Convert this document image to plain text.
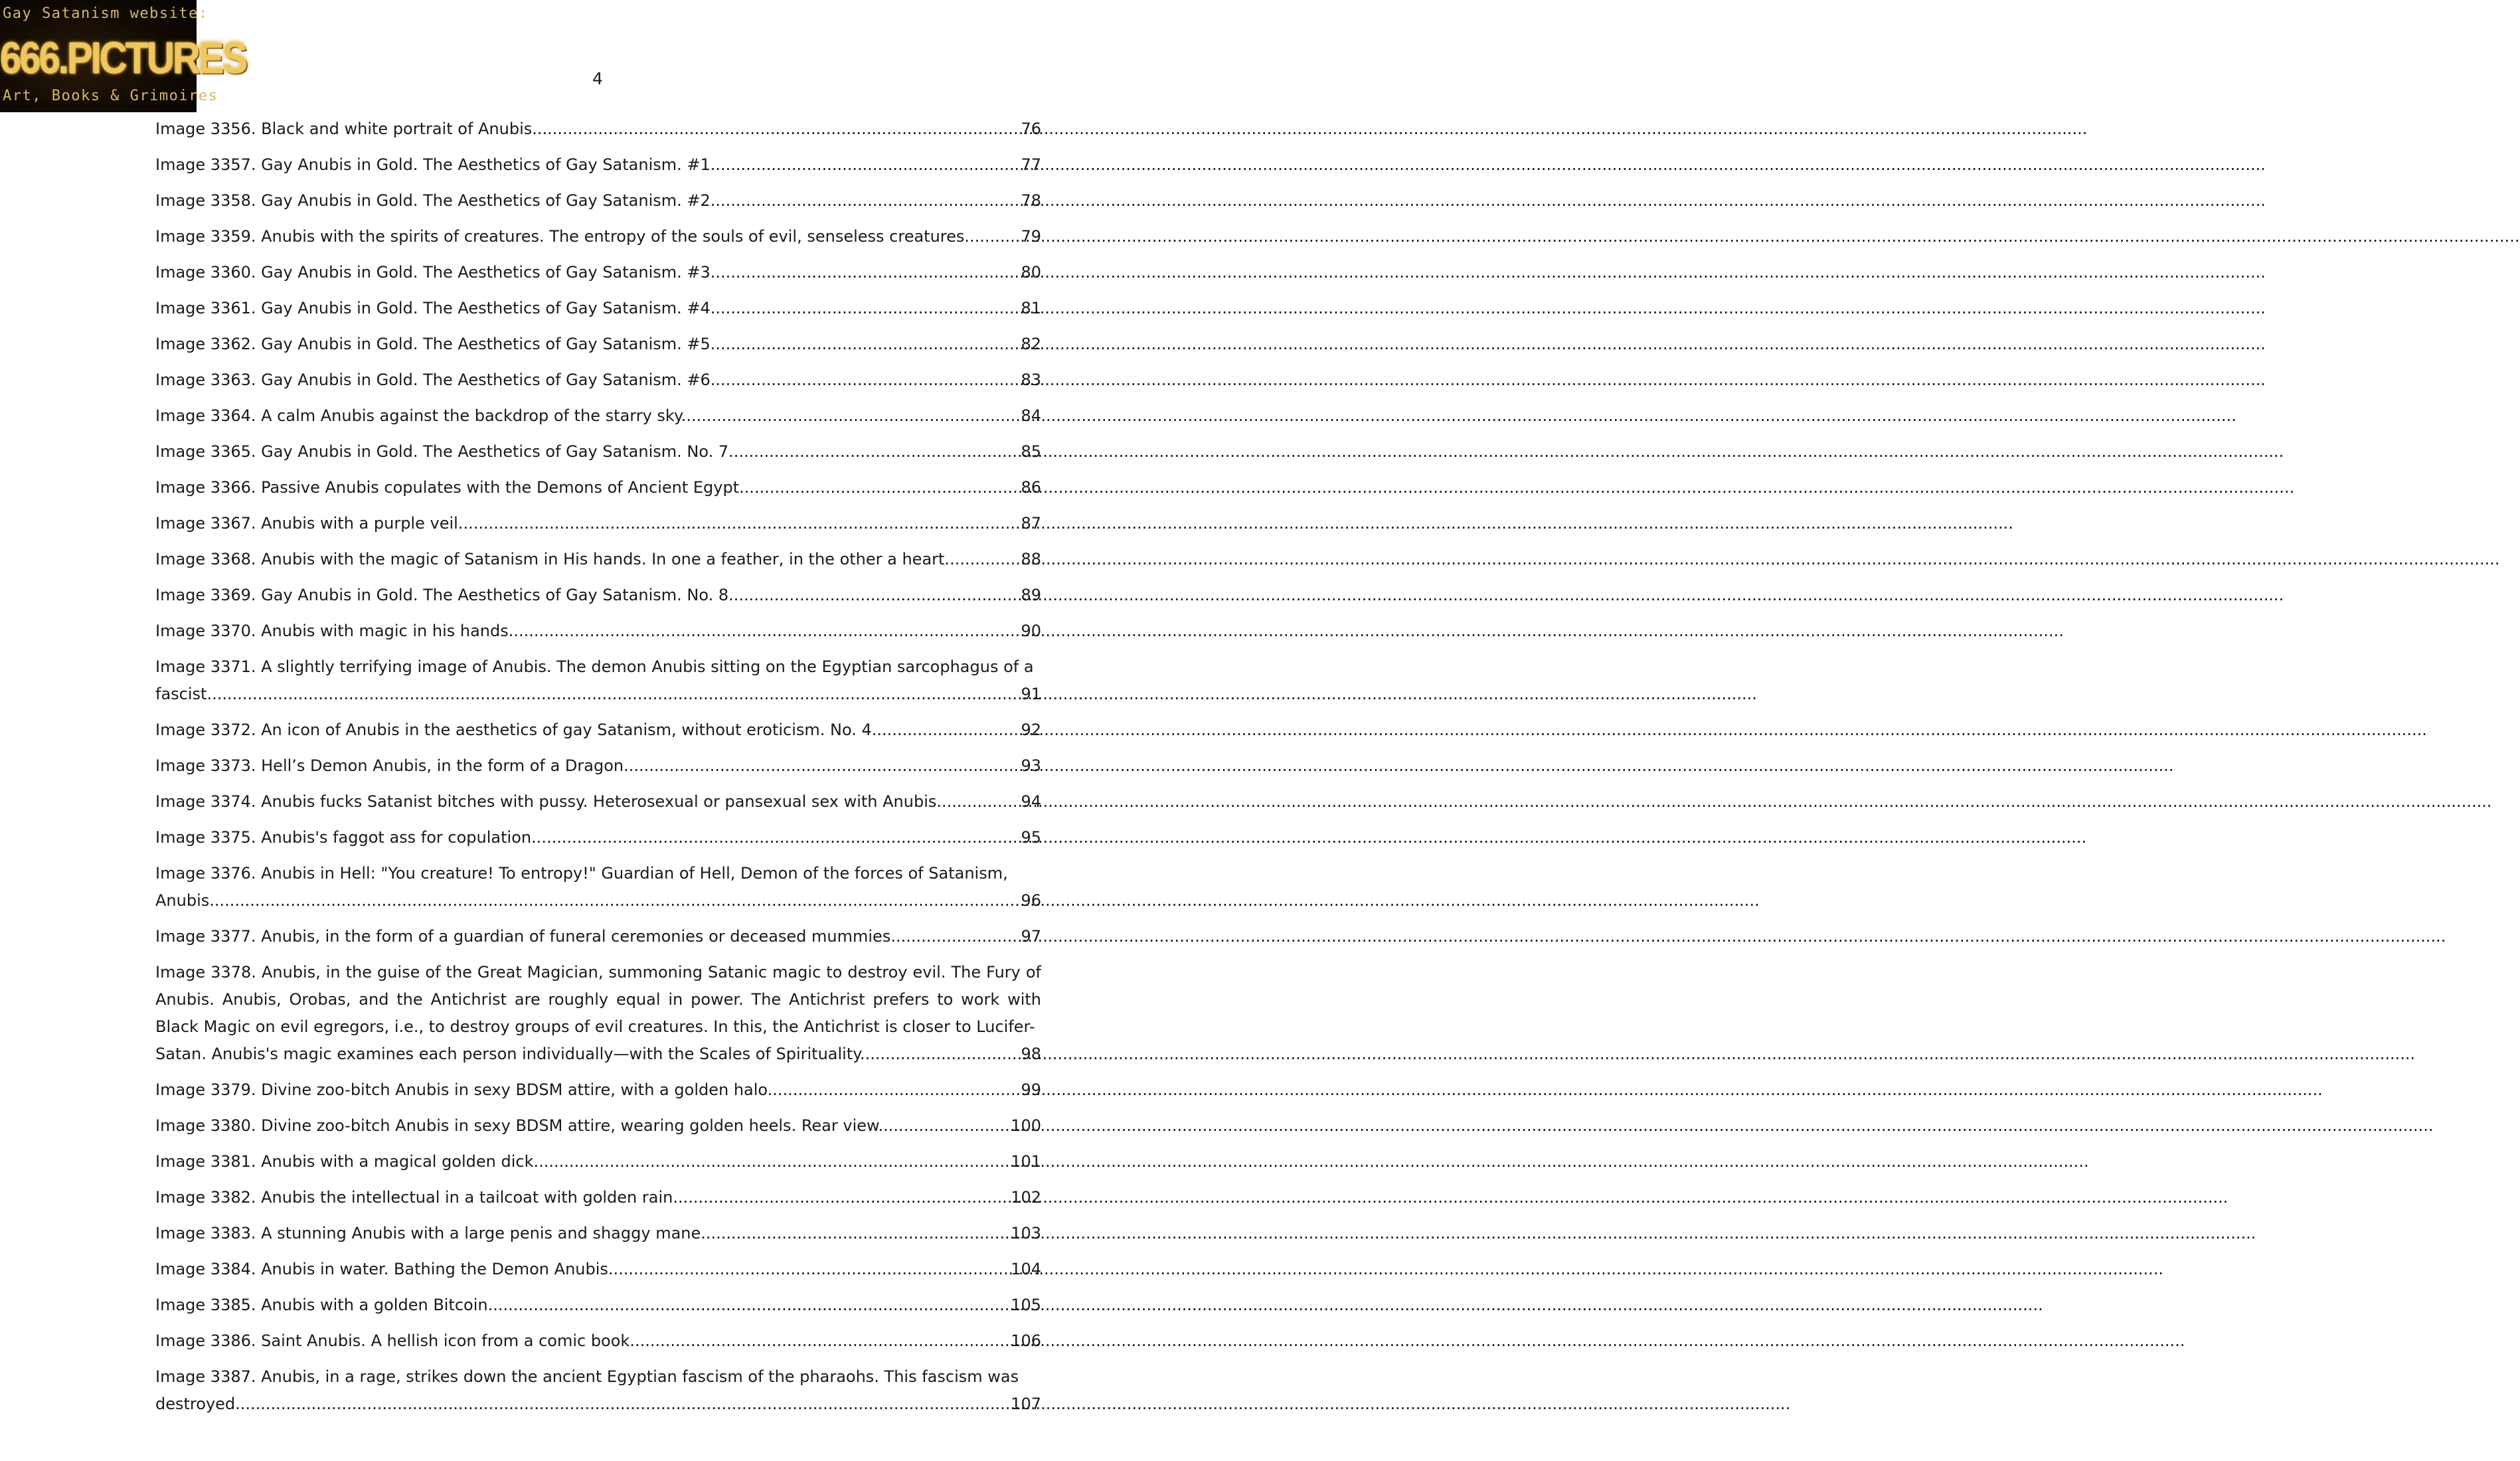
Gay Satanism website:
666.PICTURES
Art, Books & Grimoires
4
Image 3356. Black and white portrait of Anubis. .....	76
Image 3357. Gay Anubis in Gold. The Aesthetics of Gay Satanism. #1. .....	77
Image 3358. Gay Anubis in Gold. The Aesthetics of Gay Satanism. #2. .....	78
Image 3359. Anubis with the spirits of creatures. The entropy of the souls of evil, senseless creatures. .....	79
Image 3360. Gay Anubis in Gold. The Aesthetics of Gay Satanism. #3. .....	80
Image 3361. Gay Anubis in Gold. The Aesthetics of Gay Satanism. #4. .....	81
Image 3362. Gay Anubis in Gold. The Aesthetics of Gay Satanism. #5. .....	82
Image 3363. Gay Anubis in Gold. The Aesthetics of Gay Satanism. #6. .....	83
Image 3364. A calm Anubis against the backdrop of the starry sky. .....	84
Image 3365. Gay Anubis in Gold. The Aesthetics of Gay Satanism. No. 7. .....	85
Image 3366. Passive Anubis copulates with the Demons of Ancient Egypt. .....	86
Image 3367. Anubis with a purple veil. .....	87
Image 3368. Anubis with the magic of Satanism in His hands. In one a feather, in the other a heart. .....	88
Image 3369. Gay Anubis in Gold. The Aesthetics of Gay Satanism. No. 8. .....	89
Image 3370. Anubis with magic in his hands. .....	90
Image 3371. A slightly terrifying image of Anubis. The demon Anubis sitting on the Egyptian sarcophagus of a
fascist .....	91
Image 3372. An icon of Anubis in the aesthetics of gay Satanism, without eroticism. No. 4. .....	92
Image 3373. Hell’s Demon Anubis, in the form of a Dragon .....	93
Image 3374. Anubis fucks Satanist bitches with pussy. Heterosexual or pansexual sex with Anubis. .....	94
Image 3375. Anubis's faggot ass for copulation. .....	95
Image 3376. Anubis in Hell: "You creature! To entropy!" Guardian of Hell, Demon of the forces of Satanism,
Anubis .....	96
Image 3377. Anubis, in the form of a guardian of funeral ceremonies or deceased mummies. .....	97
Image 3378. Anubis, in the guise of the Great Magician, summoning Satanic magic to destroy evil. The Fury of Anubis. Anubis, Orobas, and the Antichrist are roughly equal in power. The Antichrist prefers to work with Black Magic on evil egregors, i.e., to destroy groups of evil creatures. In this, the Antichrist is closer to Lucifer-
Satan. Anubis's magic examines each person individually—with the Scales of Spirituality. .....	98
Image 3379. Divine zoo-bitch Anubis in sexy BDSM attire, with a golden halo. .....	99
Image 3380. Divine zoo-bitch Anubis in sexy BDSM attire, wearing golden heels. Rear view. .....	100
Image 3381. Anubis with a magical golden dick. .....	101
Image 3382. Anubis the intellectual in a tailcoat with golden rain. .....	102
Image 3383. A stunning Anubis with a large penis and shaggy mane. .....	103
Image 3384. Anubis in water. Bathing the Demon Anubis. .....	104
Image 3385. Anubis with a golden Bitcoin. .....	105
Image 3386. Saint Anubis. A hellish icon from a comic book. .....	106
Image 3387. Anubis, in a rage, strikes down the ancient Egyptian fascism of the pharaohs. This fascism was
destroyed. .....	107
